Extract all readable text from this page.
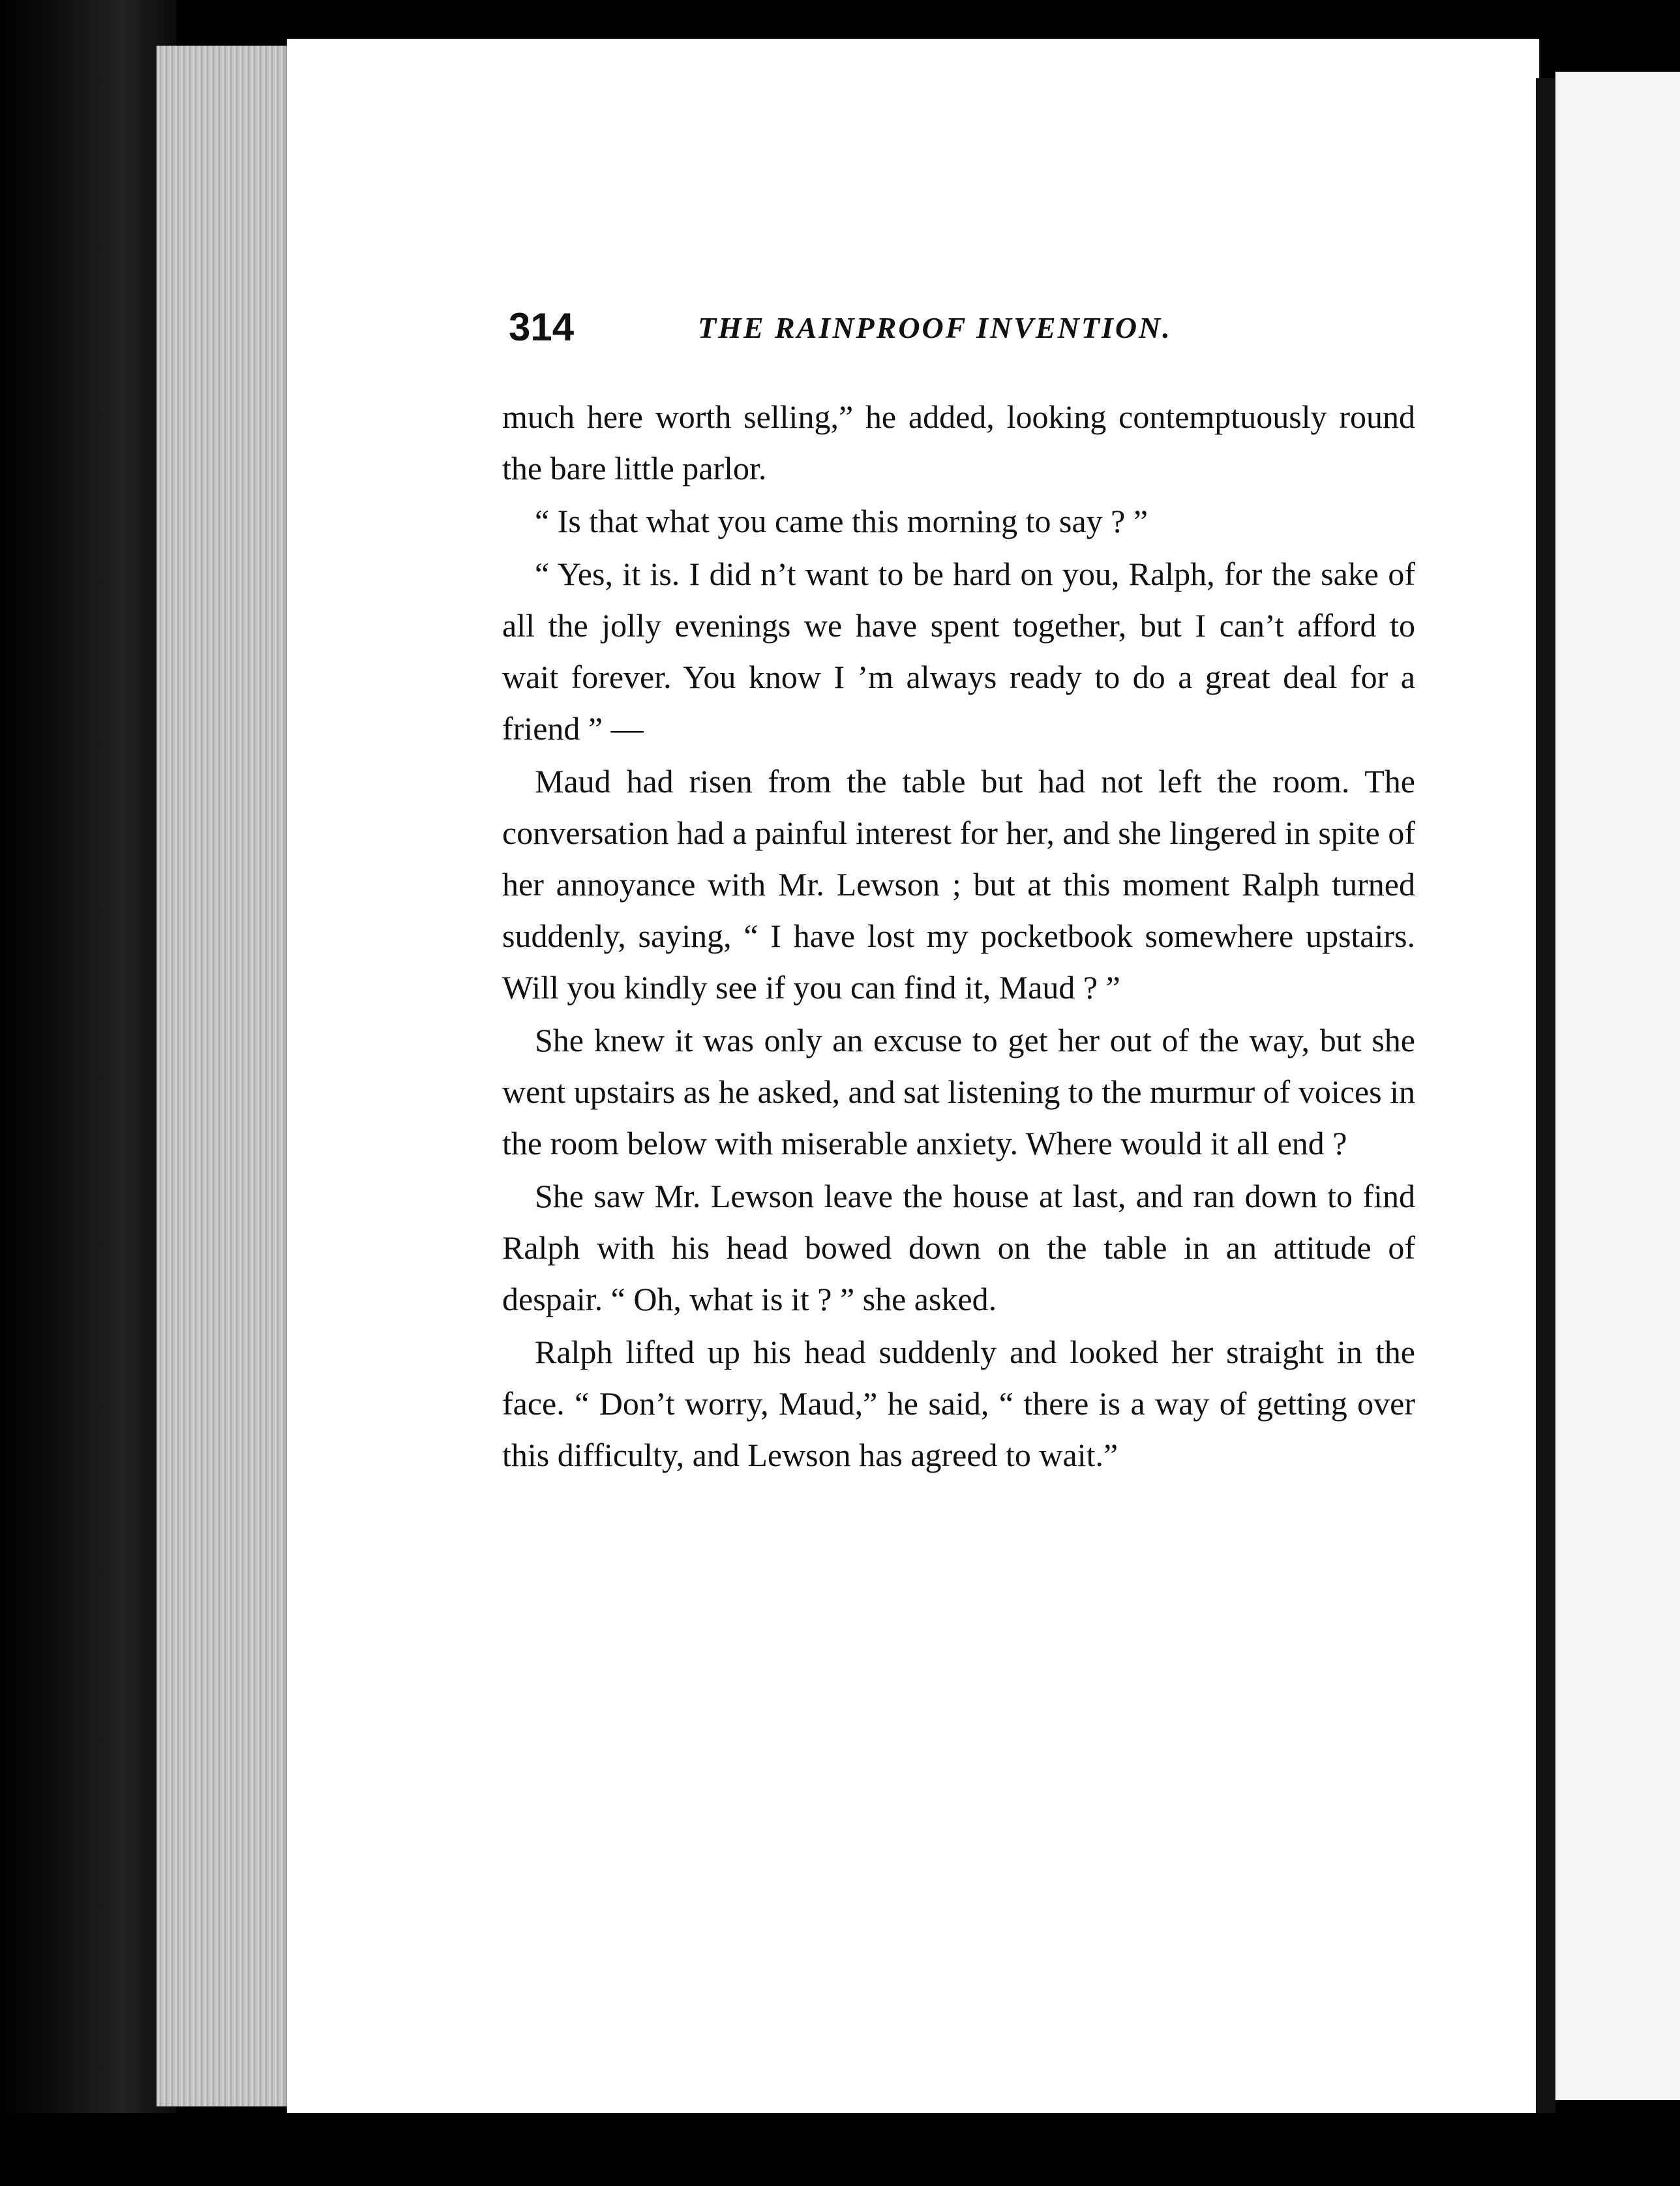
314	THE RAINPROOF INVENTION.

much here worth selling,” he added, looking contemptuously round the bare little parlor.

“ Is that what you came this morning to say ? ”

“ Yes, it is. I did n’t want to be hard on you, Ralph, for the sake of all the jolly evenings we have spent together, but I can’t afford to wait forever. You know I ’m always ready to do a great deal for a friend ” —

Maud had risen from the table but had not left the room. The conversation had a painful interest for her, and she lingered in spite of her annoyance with Mr. Lewson ; but at this moment Ralph turned suddenly, saying, “ I have lost my pocketbook somewhere upstairs. Will you kindly see if you can find it, Maud ? ”

She knew it was only an excuse to get her out of the way, but she went upstairs as he asked, and sat listening to the murmur of voices in the room below with miserable anxiety. Where would it all end ?

She saw Mr. Lewson leave the house at last, and ran down to find Ralph with his head bowed down on the table in an attitude of despair. “ Oh, what is it ? ” she asked.

Ralph lifted up his head suddenly and looked her straight in the face. “ Don’t worry, Maud,” he said, “ there is a way of getting over this difficulty, and Lewson has agreed to wait.”
